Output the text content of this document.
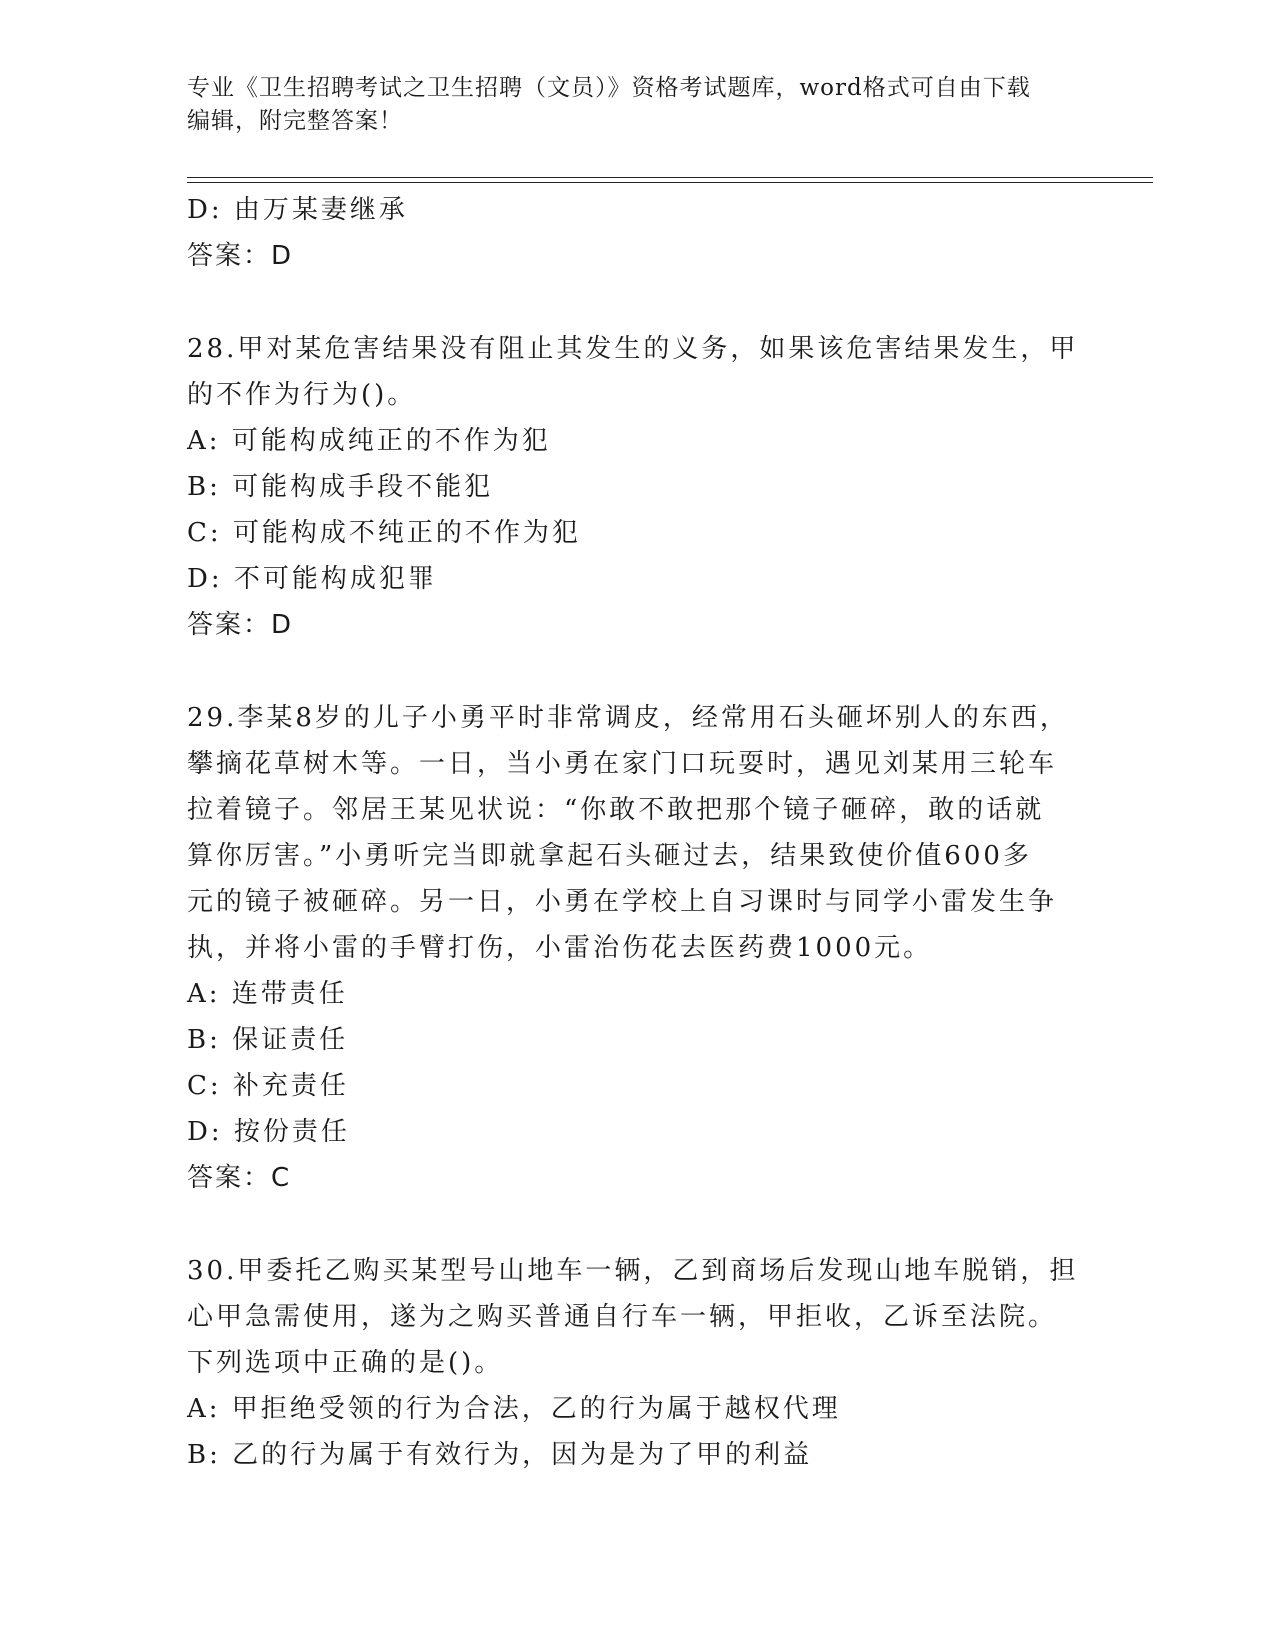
专业《卫生招聘考试之卫生招聘（文员）》资格考试题库，word格式可自由下载
编辑，附完整答案！
D: 由万某妻继承
答案：D
28.甲对某危害结果没有阻止其发生的义务，如果该危害结果发生，甲
的不作为行为()。
A: 可能构成纯正的不作为犯
B: 可能构成手段不能犯
C: 可能构成不纯正的不作为犯
D: 不可能构成犯罪
答案：D
29.李某8岁的儿子小勇平时非常调皮，经常用石头砸坏别人的东西，
攀摘花草树木等。一日，当小勇在家门口玩耍时，遇见刘某用三轮车
拉着镜子。邻居王某见状说：“你敢不敢把那个镜子砸碎，敢的话就
算你厉害。”小勇听完当即就拿起石头砸过去，结果致使价值600多
元的镜子被砸碎。另一日，小勇在学校上自习课时与同学小雷发生争
执，并将小雷的手臂打伤，小雷治伤花去医药费1000元。
A: 连带责任
B: 保证责任
C: 补充责任
D: 按份责任
答案：C
30.甲委托乙购买某型号山地车一辆，乙到商场后发现山地车脱销，担
心甲急需使用，遂为之购买普通自行车一辆，甲拒收，乙诉至法院。
下列选项中正确的是()。
A: 甲拒绝受领的行为合法，乙的行为属于越权代理
B: 乙的行为属于有效行为，因为是为了甲的利益
